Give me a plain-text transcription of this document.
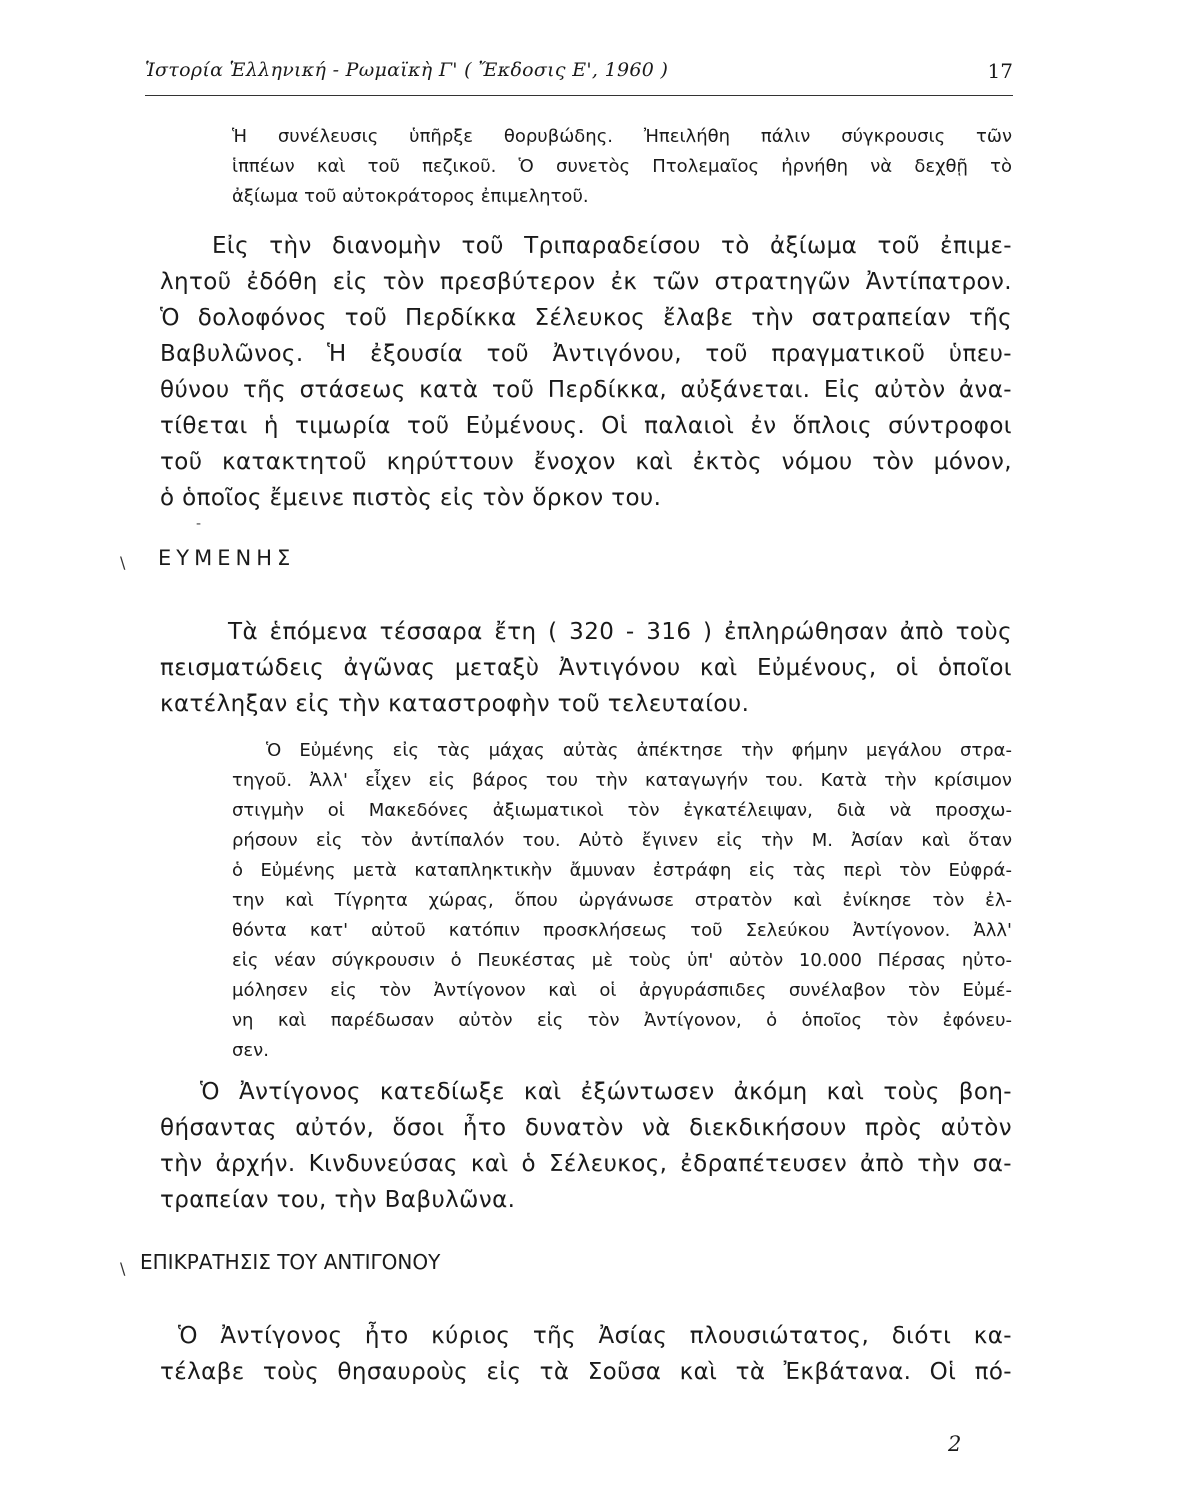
Ἱστορία Ἑλληνική - Ρωμαϊκὴ Γ' ( Ἔκδοσις Ε', 1960 )	17
Ἡ συνέλευσις ὑπῆρξε θορυβώδης. Ἠπειλήθη πάλιν σύγκρουσις τῶν
ἱππέων καὶ τοῦ πεζικοῦ. Ὁ συνετὸς Πτολεμαῖος ἠρνήθη νὰ δεχθῇ τὸ
ἀξίωμα τοῦ αὐτοκράτορος ἐπιμελητοῦ.
Εἰς τὴν διανομὴν τοῦ Τριπαραδείσου τὸ ἀξίωμα τοῦ ἐπιμε-
λητοῦ ἐδόθη εἰς τὸν πρεσβύτερον ἐκ τῶν στρατηγῶν Ἀντίπατρον.
Ὁ δολοφόνος τοῦ Περδίκκα Σέλευκος ἔλαβε τὴν σατραπείαν τῆς
Βαβυλῶνος. Ἡ ἐξουσία τοῦ Ἀντιγόνου, τοῦ πραγματικοῦ ὑπευ-
θύνου τῆς στάσεως κατὰ τοῦ Περδίκκα, αὐξάνεται. Εἰς αὐτὸν ἀνα-
τίθεται ἡ τιμωρία τοῦ Εὐμένους. Οἱ παλαιοὶ ἐν ὅπλοις σύντροφοι
τοῦ κατακτητοῦ κηρύττουν ἔνοχον καὶ ἐκτὸς νόμου τὸν μόνον,
ὁ ὁποῖος ἔμεινε πιστὸς εἰς τὸν ὅρκον του.
-
\ ΕΥΜΕΝΗΣ
Τὰ ἑπόμενα τέσσαρα ἔτη ( 320 - 316 ) ἐπληρώθησαν ἀπὸ τοὺς
πεισματώδεις ἀγῶνας μεταξὺ Ἀντιγόνου καὶ Εὐμένους, οἱ ὁποῖοι
κατέληξαν εἰς τὴν καταστροφὴν τοῦ τελευταίου.
Ὁ Εὐμένης εἰς τὰς μάχας αὐτὰς ἀπέκτησε τὴν φήμην μεγάλου στρα-
τηγοῦ. Ἀλλ' εἶχεν εἰς βάρος του τὴν καταγωγήν του. Κατὰ τὴν κρίσιμον
στιγμὴν οἱ Μακεδόνες ἀξιωματικοὶ τὸν ἐγκατέλειψαν, διὰ νὰ προσχω-
ρήσουν εἰς τὸν ἀντίπαλόν του. Αὐτὸ ἔγινεν εἰς τὴν Μ. Ἀσίαν καὶ ὅταν
ὁ Εὐμένης μετὰ καταπληκτικὴν ἄμυναν ἐστράφη εἰς τὰς περὶ τὸν Εὐφρά-
την καὶ Τίγρητα χώρας, ὅπου ὠργάνωσε στρατὸν καὶ ἐνίκησε τὸν ἐλ-
θόντα κατ' αὐτοῦ κατόπιν προσκλήσεως τοῦ Σελεύκου Ἀντίγονον. Ἀλλ'
εἰς νέαν σύγκρουσιν ὁ Πευκέστας μὲ τοὺς ὑπ' αὐτὸν 10.000 Πέρσας ηὐτο-
μόλησεν εἰς τὸν Ἀντίγονον καὶ οἱ ἀργυράσπιδες συνέλαβον τὸν Εὐμέ-
νη καὶ παρέδωσαν αὐτὸν εἰς τὸν Ἀντίγονον, ὁ ὁποῖος τὸν ἐφόνευ-
σεν.
Ὁ Ἀντίγονος κατεδίωξε καὶ ἐξώντωσεν ἀκόμη καὶ τοὺς βοη-
θήσαντας αὐτόν, ὅσοι ἦτο δυνατὸν νὰ διεκδικήσουν πρὸς αὐτὸν
τὴν ἀρχήν. Κινδυνεύσας καὶ ὁ Σέλευκος, ἐδραπέτευσεν ἀπὸ τὴν σα-
τραπείαν του, τὴν Βαβυλῶνα.
\ ΕΠΙΚΡΑΤΗΣΙΣ ΤΟΥ ΑΝΤΙΓΟΝΟΥ
Ὁ Ἀντίγονος ἦτο κύριος τῆς Ἀσίας πλουσιώτατος, διότι κα-
τέλαβε τοὺς θησαυροὺς εἰς τὰ Σοῦσα καὶ τὰ Ἐκβάτανα. Οἱ πό-
2
